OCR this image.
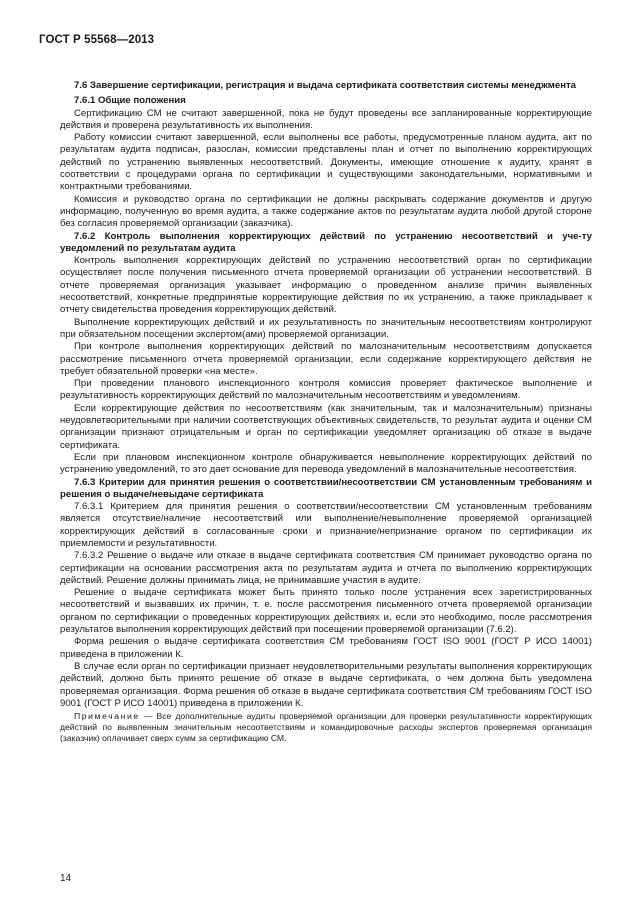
ГОСТ Р 55568—2013

7.6 Завершение сертификации, регистрация и выдача сертификата соответствия системы менеджмента

7.6.1 Общие положения

Сертификацию СМ не считают завершенной, пока не будут проведены все запланированные корректирующие действия и проверена результативность их выполнения.

Работу комиссии считают завершенной, если выполнены все работы, предусмотренные планом аудита, акт по результатам аудита подписан, разослан, комиссии представлены план и отчет по выполнению корректирующих действий по устранению выявленных несоответствий. Документы, имеющие отношение к аудиту, хранят в соответствии с процедурами органа по сертификации и существующими законодательными, нормативными и контрактными требованиями.

Комиссия и руководство органа по сертификации не должны раскрывать содержание документов и другую информацию, полученную во время аудита, а также содержание актов по результатам аудита любой другой стороне без согласия проверяемой организации (заказчика).

7.6.2 Контроль выполнения корректирующих действий по устранению несоответствий и уче-ту уведомлений по результатам аудита

Контроль выполнения корректирующих действий по устранению несоответствий орган по сертификации осуществляет после получения письменного отчета проверяемой организации об устранении несоответствий. В отчете проверяемая организация указывает информацию о проведенном анализе причин выявленных несоответствий, конкретные предпринятые корректирующие действия по их устранению, а также прикладывает к отчету свидетельства проведения корректирующих действий.

Выполнение корректирующих действий и их результативность по значительным несоответствиям контролируют при обязательном посещении экспертом(ами) проверяемой организации.

При контроле выполнения корректирующих действий по малозначительным несоответствиям допускается рассмотрение письменного отчета проверяемой организации, если содержание корректирующего действия не требует обязательной проверки «на месте».

При проведении планового инспекционного контроля комиссия проверяет фактическое выполнение и результативность корректирующих действий по малозначительным несоответствиям и уведомлениям.

Если корректирующие действия по несоответствиям (как значительным, так и малозначительным) признаны неудовлетворительными при наличии соответствующих объективных свидетельств, то результат аудита и оценки СМ организации признают отрицательным и орган по сертификации уведомляет организацию об отказе в выдаче сертификата.

Если при плановом инспекционном контроле обнаруживается невыполнение корректирующих действий по устранению уведомлений, то это дает основание для перевода уведомлений в малозначительные несоответствия.

7.6.3 Критерии для принятия решения о соответствии/несоответствии СМ установленным требованиям и решения о выдаче/невыдаче сертификата

7.6.3.1 Критерием для принятия решения о соответствии/несоответствии СМ установленным требованиям является отсутствие/наличие несоответствий или выполнение/невыполнение проверяемой организацией корректирующих действий в согласованные сроки и признание/непризнание органом по сертификации их приемлемости и результативности.

7.6.3.2 Решение о выдаче или отказе в выдаче сертификата соответствия СМ принимает руководство органа по сертификации на основании рассмотрения акта по результатам аудита и отчета по выполнению корректирующих действий. Решение должны принимать лица, не принимавшие участия в аудите.

Решение о выдаче сертификата может быть принято только после устранения всех зарегистрированных несоответствий и вызвавших их причин, т. е. после рассмотрения письменного отчета проверяемой организации органом по сертификации о проведенных корректирующих действиях и, если это необходимо, после рассмотрения результатов выполнения корректирующих действий при посещении проверяемой организации (7.6.2).

Форма решения о выдаче сертификата соответствия СМ требованиям ГОСТ ISO 9001 (ГОСТ Р ИСО 14001) приведена в приложении К.

В случае если орган по сертификации признает неудовлетворительными результаты выполнения корректирующих действий, должно быть принято решение об отказе в выдаче сертификата, о чем должна быть уведомлена проверяемая организация. Форма решения об отказе в выдаче сертификата соответствия СМ требованиям ГОСТ ISO 9001 (ГОСТ Р ИСО 14001) приведена в приложении К.

Примечание — Все дополнительные аудиты проверяемой организации для проверки результативности корректирующих действий по выявленным значительным несоответствиям и командировочные расходы экспертов проверяемая организация (заказчик) оплачивает сверх сумм за сертификацию СМ.

14
